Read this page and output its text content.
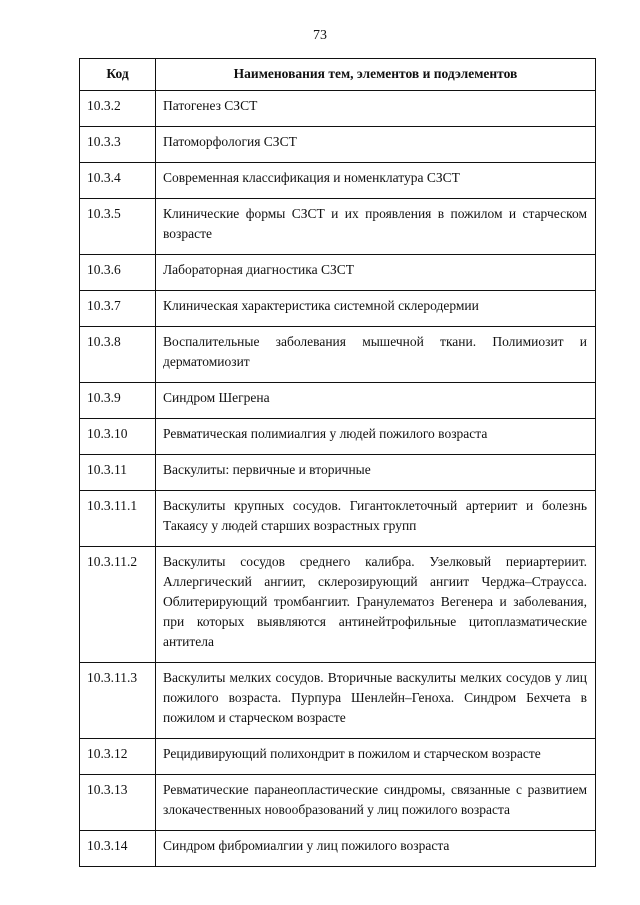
73
Код	Наименования тем, элементов и подэлементов
10.3.2	Патогенез СЗСТ
10.3.3	Патоморфология СЗСТ
10.3.4	Современная классификация и номенклатура СЗСТ
10.3.5	Клинические формы СЗСТ и их проявления в пожилом и старческом возрасте
10.3.6	Лабораторная диагностика СЗСТ
10.3.7	Клиническая характеристика системной склеродермии
10.3.8	Воспалительные заболевания мышечной ткани. Полимиозит и дерматомиозит
10.3.9	Синдром Шегрена
10.3.10	Ревматическая полимиалгия у людей пожилого возраста
10.3.11	Васкулиты: первичные и вторичные
10.3.11.1	Васкулиты крупных сосудов. Гигантоклеточный артериит и болезнь Такаясу у людей старших возрастных групп
10.3.11.2	Васкулиты сосудов среднего калибра. Узелковый периартериит. Аллергический ангиит, склерозирующий ангиит Черджа–Страусса. Облитерирующий тромбангиит. Гранулематоз Вегенера и заболевания, при которых выявляются антинейтрофильные цитоплазматические антитела
10.3.11.3	Васкулиты мелких сосудов. Вторичные васкулиты мелких сосудов у лиц пожилого возраста. Пурпура Шенлейн–Геноха. Синдром Бехчета в пожилом и старческом возрасте
10.3.12	Рецидивирующий полихондрит в пожилом и старческом возрасте
10.3.13	Ревматические паранеопластические синдромы, связанные с развитием злокачественных новообразований у лиц пожилого возраста
10.3.14	Синдром фибромиалгии у лиц пожилого возраста
